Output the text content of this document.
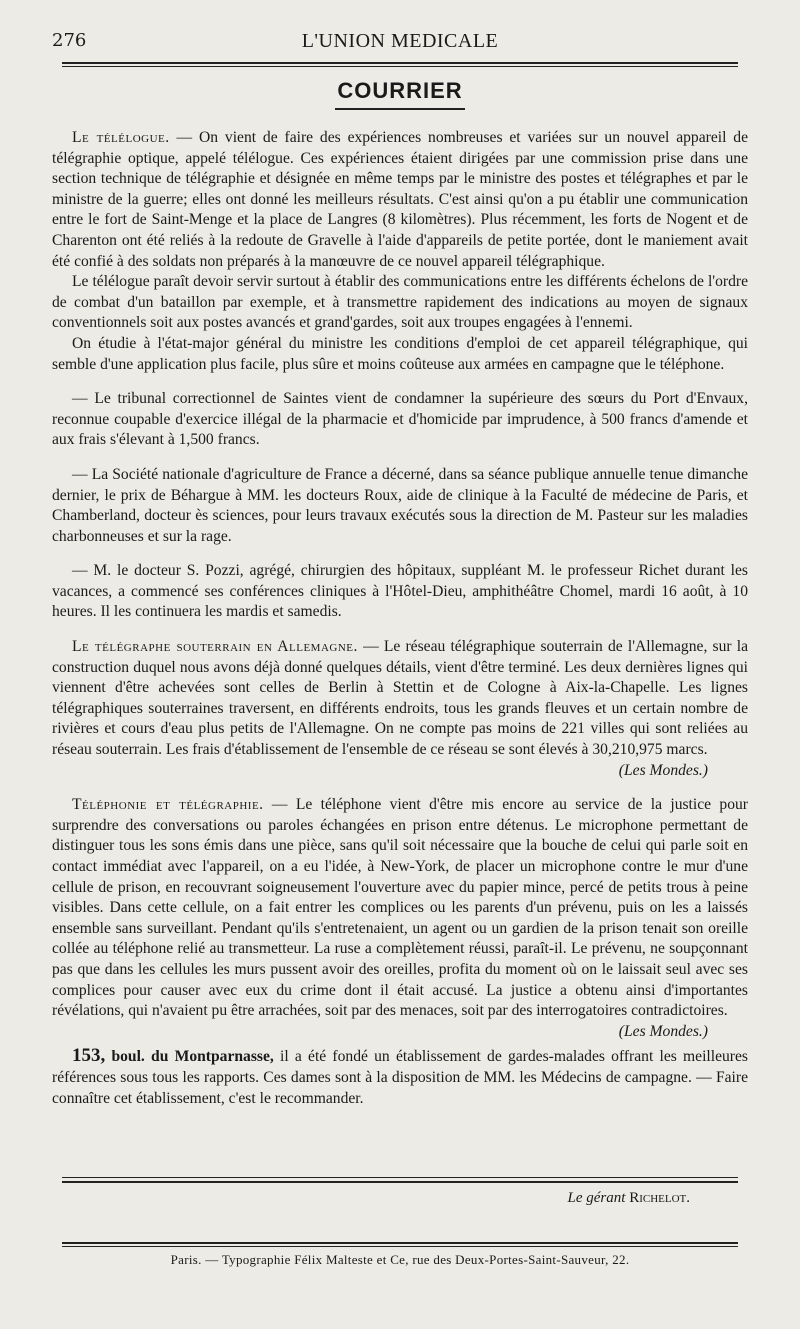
276	L'UNION MEDICALE
COURRIER

Le télélogue. — On vient de faire des expériences nombreuses et variées sur un nouvel appareil de télégraphie optique, appelé télélogue. Ces expériences étaient dirigées par une commission prise dans une section technique de télégraphie et désignée en même temps par le ministre des postes et télégraphes et par le ministre de la guerre; elles ont donné les meilleurs résultats. C'est ainsi qu'on a pu établir une communication entre le fort de Saint-Menge et la place de Langres (8 kilomètres). Plus récemment, les forts de Nogent et de Charenton ont été reliés à la redoute de Gravelle à l'aide d'appareils de petite portée, dont le maniement avait été confié à des soldats non préparés à la manœuvre de ce nouvel appareil télégraphique.

Le télélogue paraît devoir servir surtout à établir des communications entre les différents échelons de l'ordre de combat d'un bataillon par exemple, et à transmettre rapidement des indications au moyen de signaux conventionnels soit aux postes avancés et grand'gardes, soit aux troupes engagées à l'ennemi.

On étudie à l'état-major général du ministre les conditions d'emploi de cet appareil télégraphique, qui semble d'une application plus facile, plus sûre et moins coûteuse aux armées en campagne que le téléphone.

— Le tribunal correctionnel de Saintes vient de condamner la supérieure des sœurs du Port d'Envaux, reconnue coupable d'exercice illégal de la pharmacie et d'homicide par imprudence, à 500 francs d'amende et aux frais s'élevant à 1,500 francs.

— La Société nationale d'agriculture de France a décerné, dans sa séance publique annuelle tenue dimanche dernier, le prix de Béhargue à MM. les docteurs Roux, aide de clinique à la Faculté de médecine de Paris, et Chamberland, docteur ès sciences, pour leurs travaux exécutés sous la direction de M. Pasteur sur les maladies charbonneuses et sur la rage.

— M. le docteur S. Pozzi, agrégé, chirurgien des hôpitaux, suppléant M. le professeur Richet durant les vacances, a commencé ses conférences cliniques à l'Hôtel-Dieu, amphithéâtre Chomel, mardi 16 août, à 10 heures. Il les continuera les mardis et samedis.

Le télégraphe souterrain en Allemagne. — Le réseau télégraphique souterrain de l'Allemagne, sur la construction duquel nous avons déjà donné quelques détails, vient d'être terminé. Les deux dernières lignes qui viennent d'être achevées sont celles de Berlin à Stettin et de Cologne à Aix-la-Chapelle. Les lignes télégraphiques souterraines traversent, en différents endroits, tous les grands fleuves et un certain nombre de rivières et cours d'eau plus petits de l'Allemagne. On ne compte pas moins de 221 villes qui sont reliées au réseau souterrain. Les frais d'établissement de l'ensemble de ce réseau se sont élevés à 30,210,975 marcs.

(Les Mondes.)

Téléphonie et télégraphie. — Le téléphone vient d'être mis encore au service de la justice pour surprendre des conversations ou paroles échangées en prison entre détenus. Le microphone permettant de distinguer tous les sons émis dans une pièce, sans qu'il soit nécessaire que la bouche de celui qui parle soit en contact immédiat avec l'appareil, on a eu l'idée, à New-York, de placer un microphone contre le mur d'une cellule de prison, en recouvrant soigneusement l'ouverture avec du papier mince, percé de petits trous à peine visibles. Dans cette cellule, on a fait entrer les complices ou les parents d'un prévenu, puis on les a laissés ensemble sans surveillant. Pendant qu'ils s'entretenaient, un agent ou un gardien de la prison tenait son oreille collée au téléphone relié au transmetteur. La ruse a complètement réussi, paraît-il. Le prévenu, ne soupçonnant pas que dans les cellules les murs pussent avoir des oreilles, profita du moment où on le laissait seul avec ses complices pour causer avec eux du crime dont il était accusé. La justice a obtenu ainsi d'importantes révélations, qui n'avaient pu être arrachées, soit par des menaces, soit par des interrogatoires contradictoires.

(Les Mondes.)

153, boul. du Montparnasse, il a été fondé un établissement de gardes-malades offrant les meilleures références sous tous les rapports. Ces dames sont à la disposition de MM. les Médecins de campagne. — Faire connaître cet établissement, c'est le recommander.

Le gérant Richelot.
Paris. — Typographie Félix Malteste et Ce, rue des Deux-Portes-Saint-Sauveur, 22.
